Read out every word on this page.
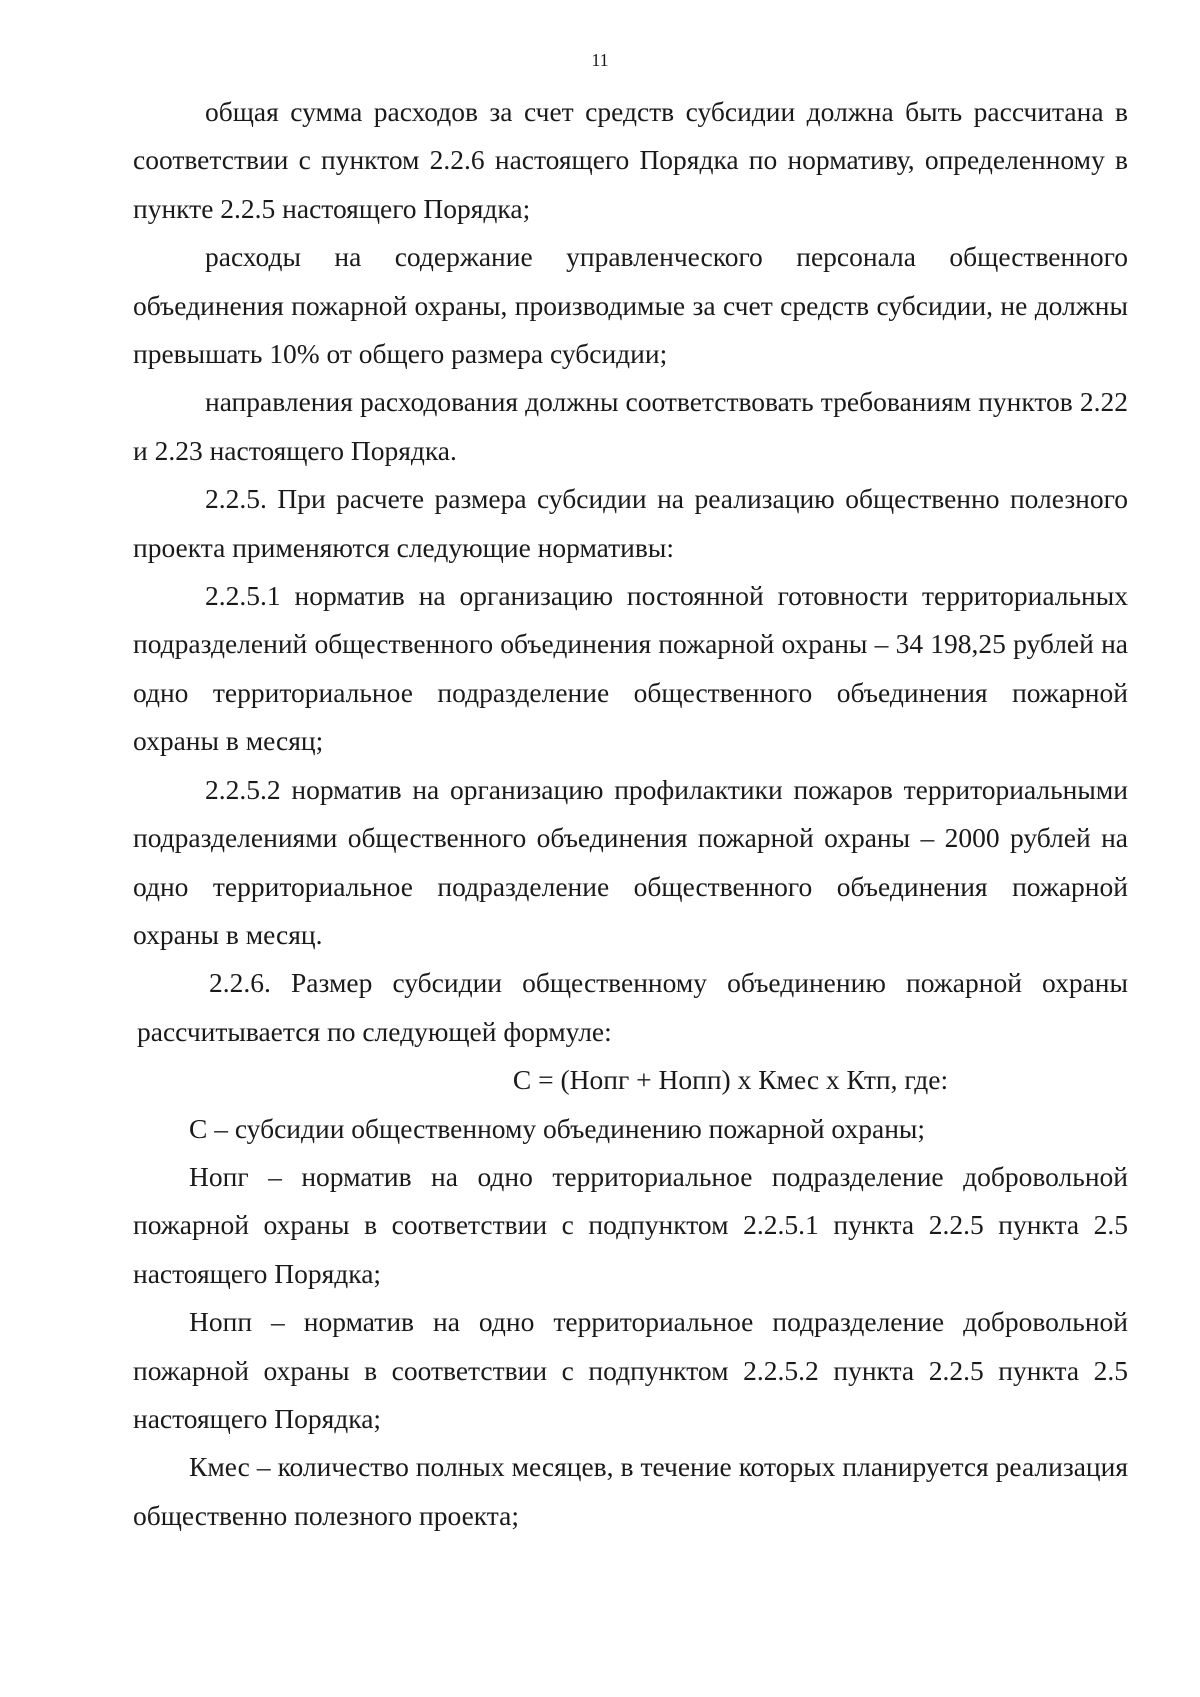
11

общая сумма расходов за счет средств субсидии должна быть рассчитана в соответствии с пунктом 2.2.6 настоящего Порядка по нормативу, определенному в пункте 2.2.5 настоящего Порядка;

расходы на содержание управленческого персонала общественного объединения пожарной охраны, производимые за счет средств субсидии, не должны превышать 10% от общего размера субсидии;

направления расходования должны соответствовать требованиям пунктов 2.22 и 2.23 настоящего Порядка.

2.2.5. При расчете размера субсидии на реализацию общественно полезного проекта применяются следующие нормативы:

2.2.5.1 норматив на организацию постоянной готовности территориальных подразделений общественного объединения пожарной охраны – 34 198,25 рублей на одно территориальное подразделение общественного объединения пожарной охраны в месяц;

2.2.5.2 норматив на организацию профилактики пожаров территориальными подразделениями общественного объединения пожарной охраны – 2000 рублей на одно территориальное подразделение общественного объединения пожарной охраны в месяц.

2.2.6. Размер субсидии общественному объединению пожарной охраны рассчитывается по следующей формуле:

С = (Нопг + Нопп) х Кмес х Ктп, где:

С – субсидии общественному объединению пожарной охраны;

Нопг – норматив на одно территориальное подразделение добровольной пожарной охраны в соответствии с подпунктом 2.2.5.1 пункта 2.2.5 пункта 2.5 настоящего Порядка;

Нопп – норматив на одно территориальное подразделение добровольной пожарной охраны в соответствии с подпунктом 2.2.5.2 пункта 2.2.5 пункта 2.5 настоящего Порядка;

Кмес – количество полных месяцев, в течение которых планируется реализация общественно полезного проекта;
